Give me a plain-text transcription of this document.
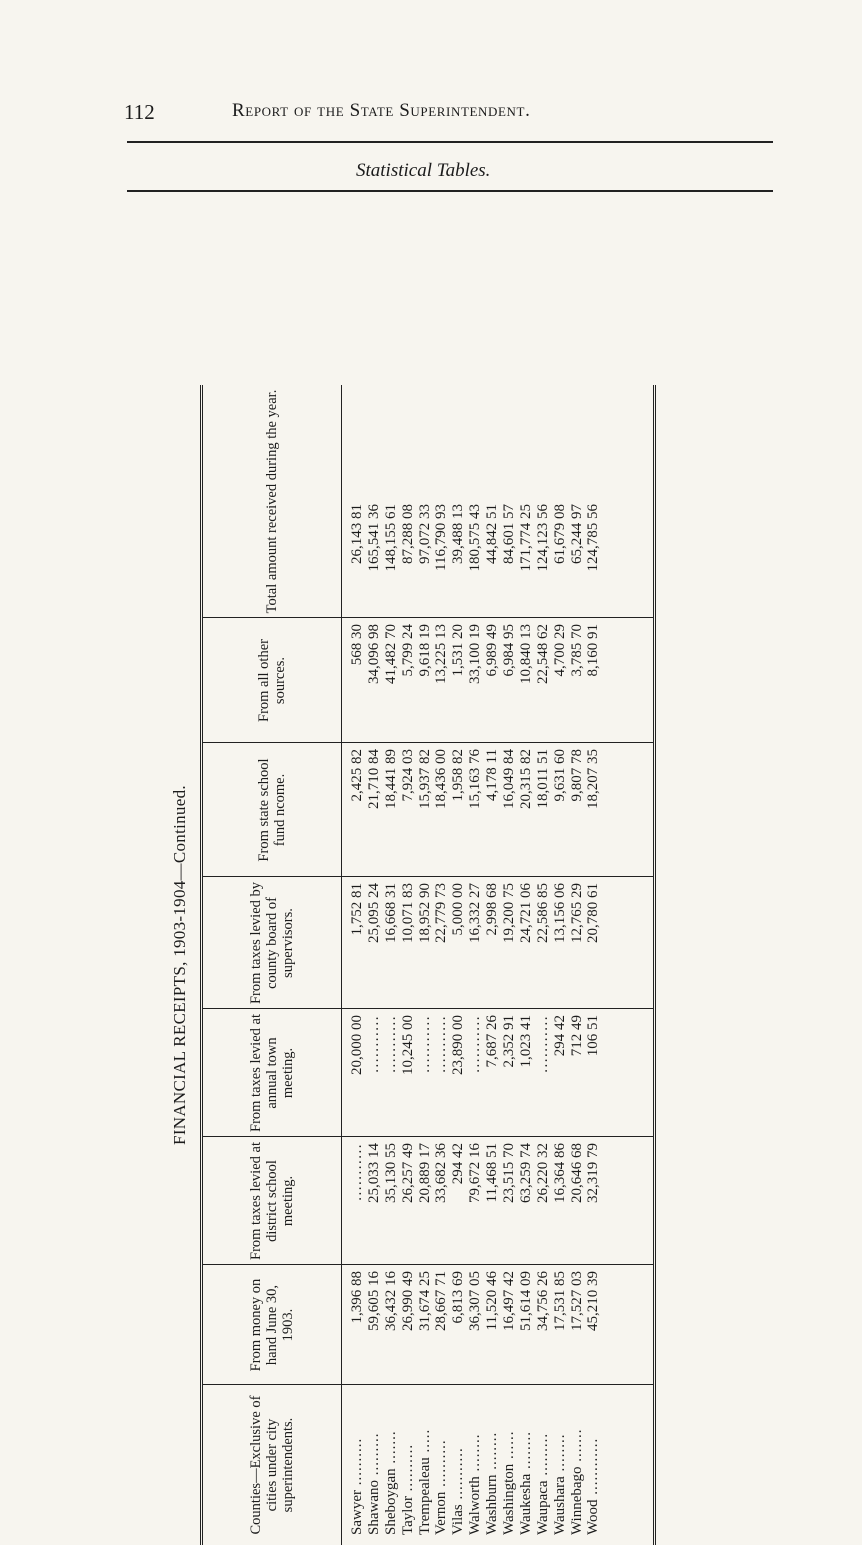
112	Report of the State Superintendent.
Statistical Tables.
FINANCIAL RECEIPTS, 1903-1904—Continued.
Counties—Exclusive of cities under city superintendents.
From money on hand June 30, 1903.
From taxes levied at district school meeting.
From taxes levied at annual town meeting.
From taxes levied by county board of supervisors.
From state school fund ncome.
From all other sources.
Total amount received during the year.
Sawyer ..........
Shawano .........
Sheboygan .......
Taylor .......... Trempealeau .....
Vernon ..........
Vilas ...........
Walworth ........
Washburn ........
Washington ......
Waukesha ........
Waupaca .........
Waushara ........
Winnebago .......
Wood ............
1,396 88 59,605 16 36,432 16 26,990 49 31,674 25 28,667 71 6,813 69 36,307 05 11,520 46 16,497 42 51,614 09 34,756 26 17,531 85 17,527 03 45,210 39
........... 25,033 14 35,130 55 26,257 49 20,889 17 33,682 36 294 42 79,672 16 11,468 51 23,515 70 63,259 74 26,220 32 16,364 86 20,646 68 32,319 79
20,000 00 ........... ........... 10,245 00 ........... ........... 23,890 00 ........... 7,687 26 2,352 91 1,023 41 ........... 294 42 712 49 106 51
1,752 81 25,095 24 16,668 31 10,071 83 18,952 90 22,779 73 5,000 00 16,332 27 2,998 68 19,200 75 24,721 06 22,586 85 13,156 06 12,765 29 20,780 61
2,425 82 21,710 84 18,441 89 7,924 03 15,937 82 18,436 00 1,958 82 15,163 76 4,178 11 16,049 84 20,315 82 18,011 51 9,631 60 9,807 78 18,207 35
568 30 34,096 98 41,482 70 5,799 24 9,618 19 13,225 13 1,531 20 33,100 19 6,989 49 6,984 95 10,840 13 22,548 62 4,700 29 3,785 70 8,160 91
26,143 81 165,541 36 148,155 61 87,288 08 97,072 33 116,790 93 39,488 13 180,575 43 44,842 51 84,601 57 171,774 25 124,123 56 61,679 08 65,244 97 124,785 56
